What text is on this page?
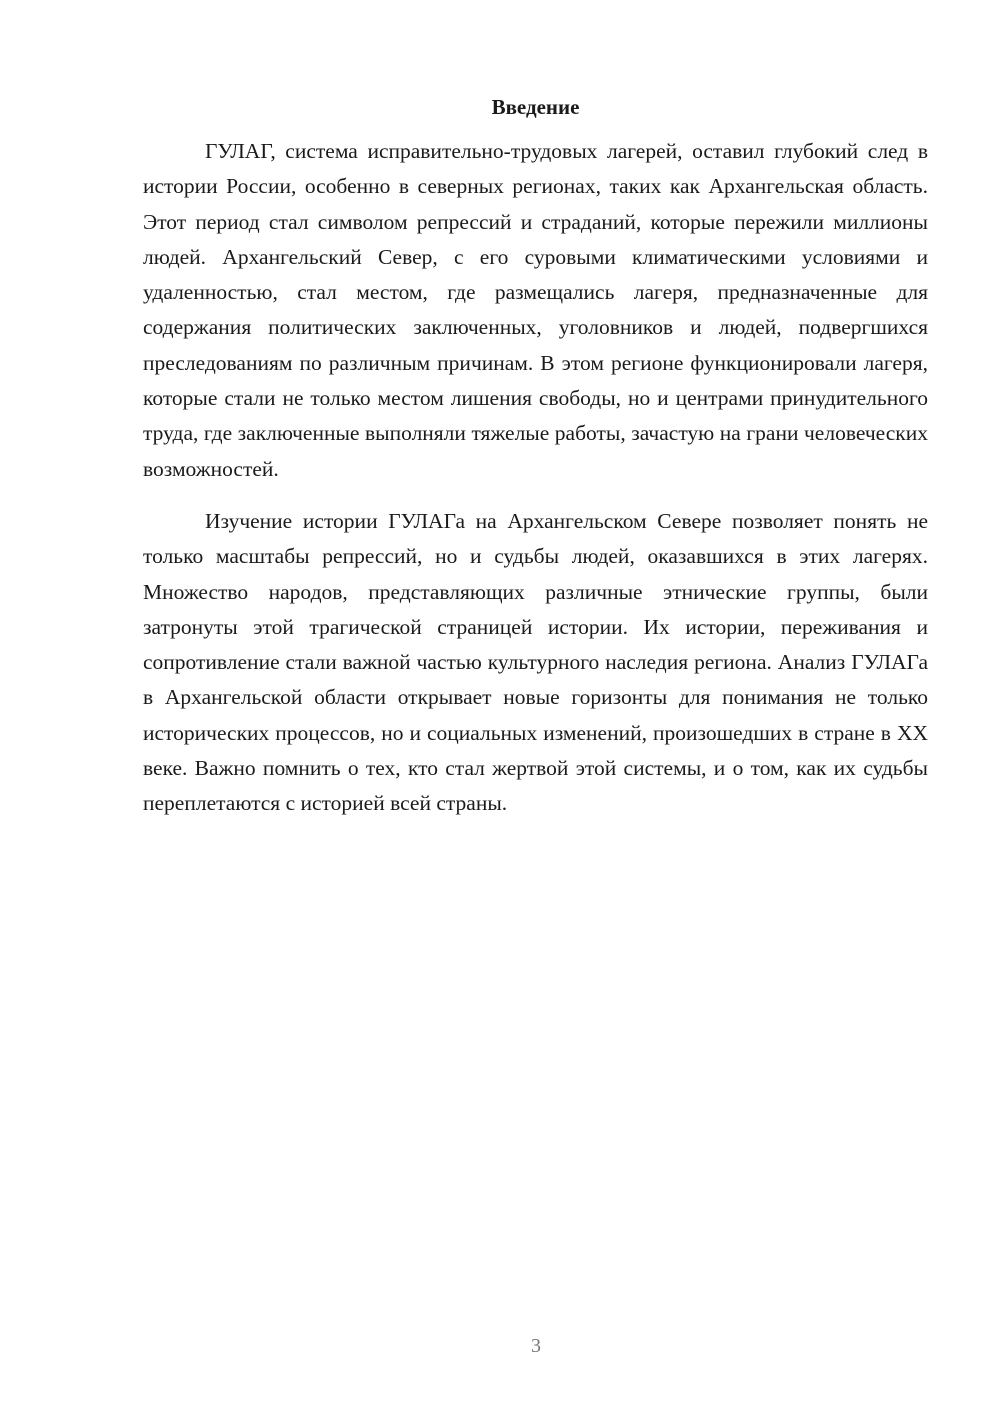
Введение

ГУЛАГ, система исправительно-трудовых лагерей, оставил глубокий след в истории России, особенно в северных регионах, таких как Архангельская область. Этот период стал символом репрессий и страданий, которые пережили миллионы людей. Архангельский Север, с его суровыми климатическими условиями и удаленностью, стал местом, где размещались лагеря, предназначенные для содержания политических заключенных, уголовников и людей, подвергшихся преследованиям по различным причинам. В этом регионе функционировали лагеря, которые стали не только местом лишения свободы, но и центрами принудительного труда, где заключенные выполняли тяжелые работы, зачастую на грани человеческих возможностей.

Изучение истории ГУЛАГа на Архангельском Севере позволяет понять не только масштабы репрессий, но и судьбы людей, оказавшихся в этих лагерях. Множество народов, представляющих различные этнические группы, были затронуты этой трагической страницей истории. Их истории, переживания и сопротивление стали важной частью культурного наследия региона. Анализ ГУЛАГа в Архангельской области открывает новые горизонты для понимания не только исторических процессов, но и социальных изменений, произошедших в стране в XX веке. Важно помнить о тех, кто стал жертвой этой системы, и о том, как их судьбы переплетаются с историей всей страны.

3
